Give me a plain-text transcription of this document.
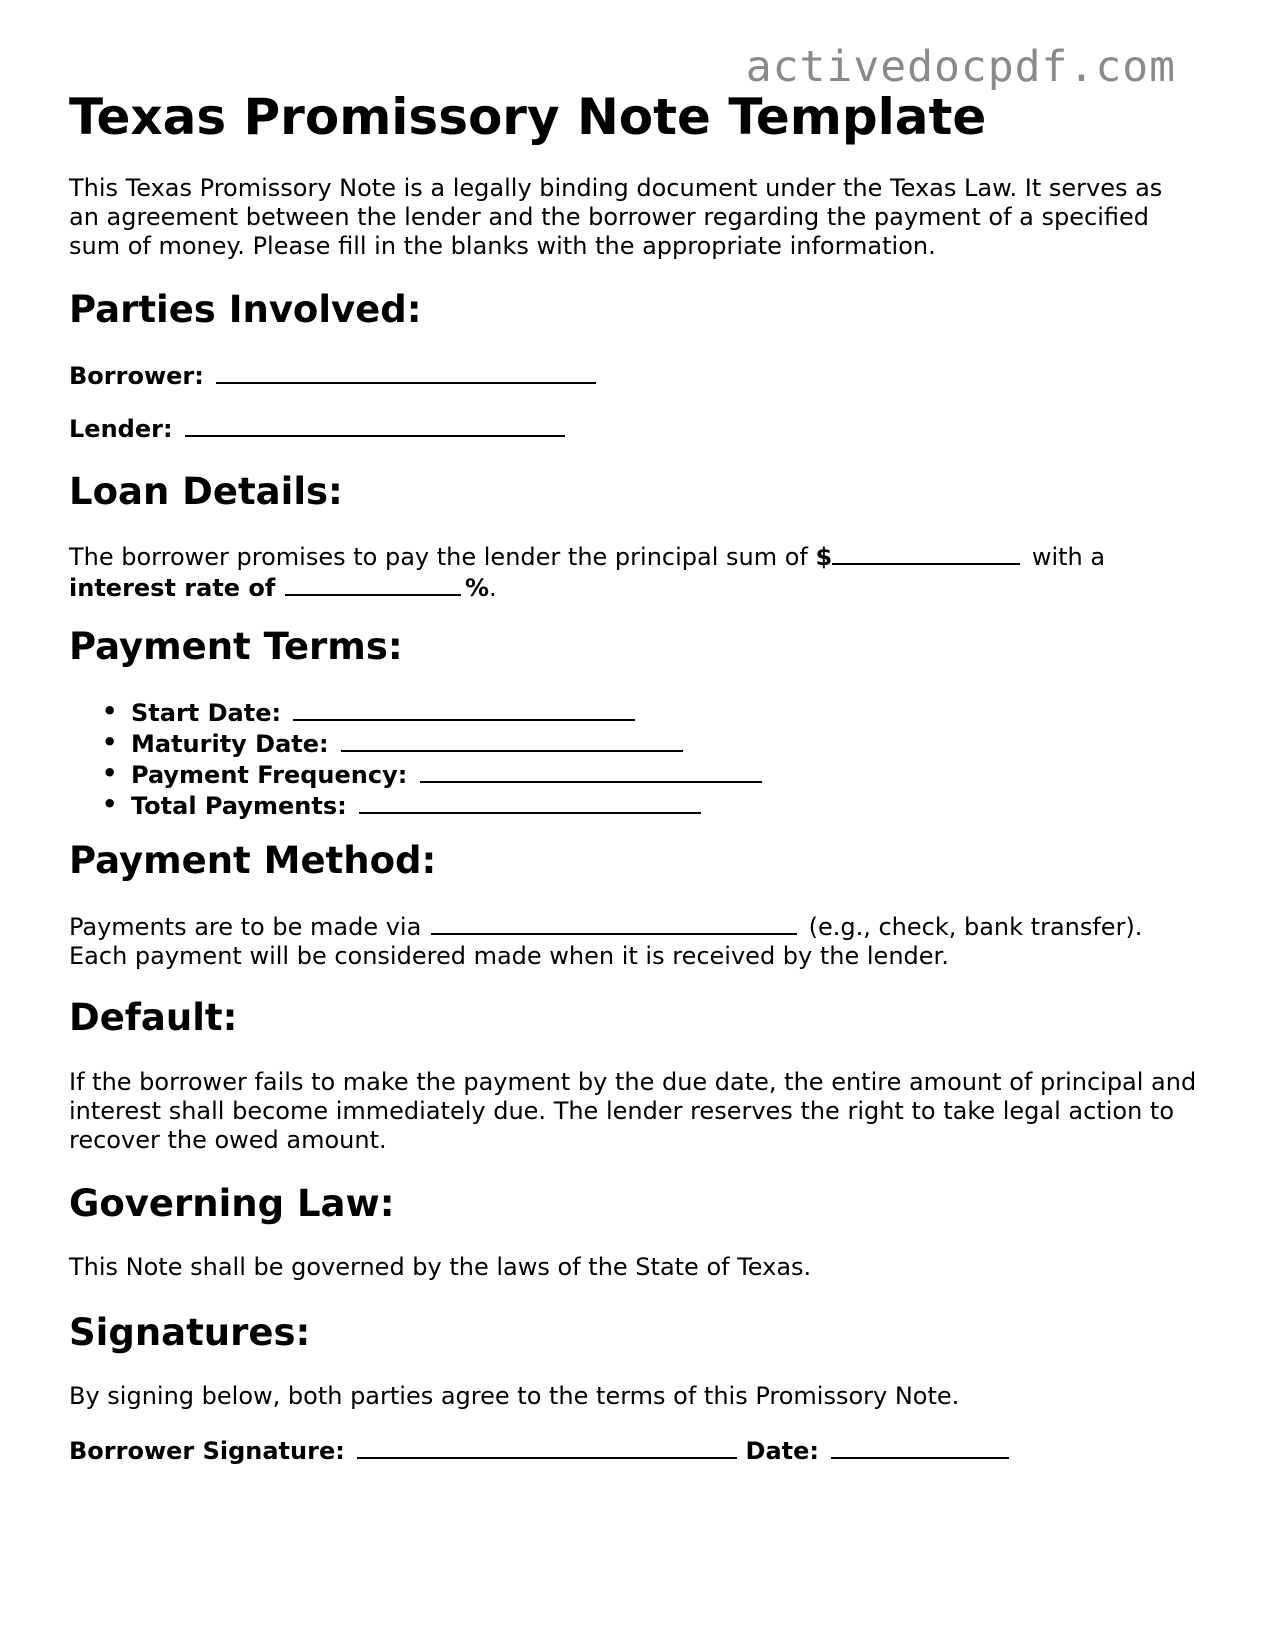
activedocpdf.com
Texas Promissory Note Template

This Texas Promissory Note is a legally binding document under the Texas Law. It serves as an agreement between the lender and the borrower regarding the payment of a specified sum of money. Please fill in the blanks with the appropriate information.

Parties Involved:
Borrower:
Lender:
Loan Details:

The borrower promises to pay the lender the principal sum of $	with a
interest rate of	%.

Payment Terms:
• Start Date:
• Maturity Date:
• Payment Frequency:
• Total Payments:
Payment Method:

Payments are to be made via	(e.g., check, bank transfer).
Each payment will be considered made when it is received by the lender.

Default:

If the borrower fails to make the payment by the due date, the entire amount of principal and interest shall become immediately due. The lender reserves the right to take legal action to recover the owed amount.

Governing Law:

This Note shall be governed by the laws of the State of Texas.

Signatures:

By signing below, both parties agree to the terms of this Promissory Note.

Borrower Signature:	Date:
